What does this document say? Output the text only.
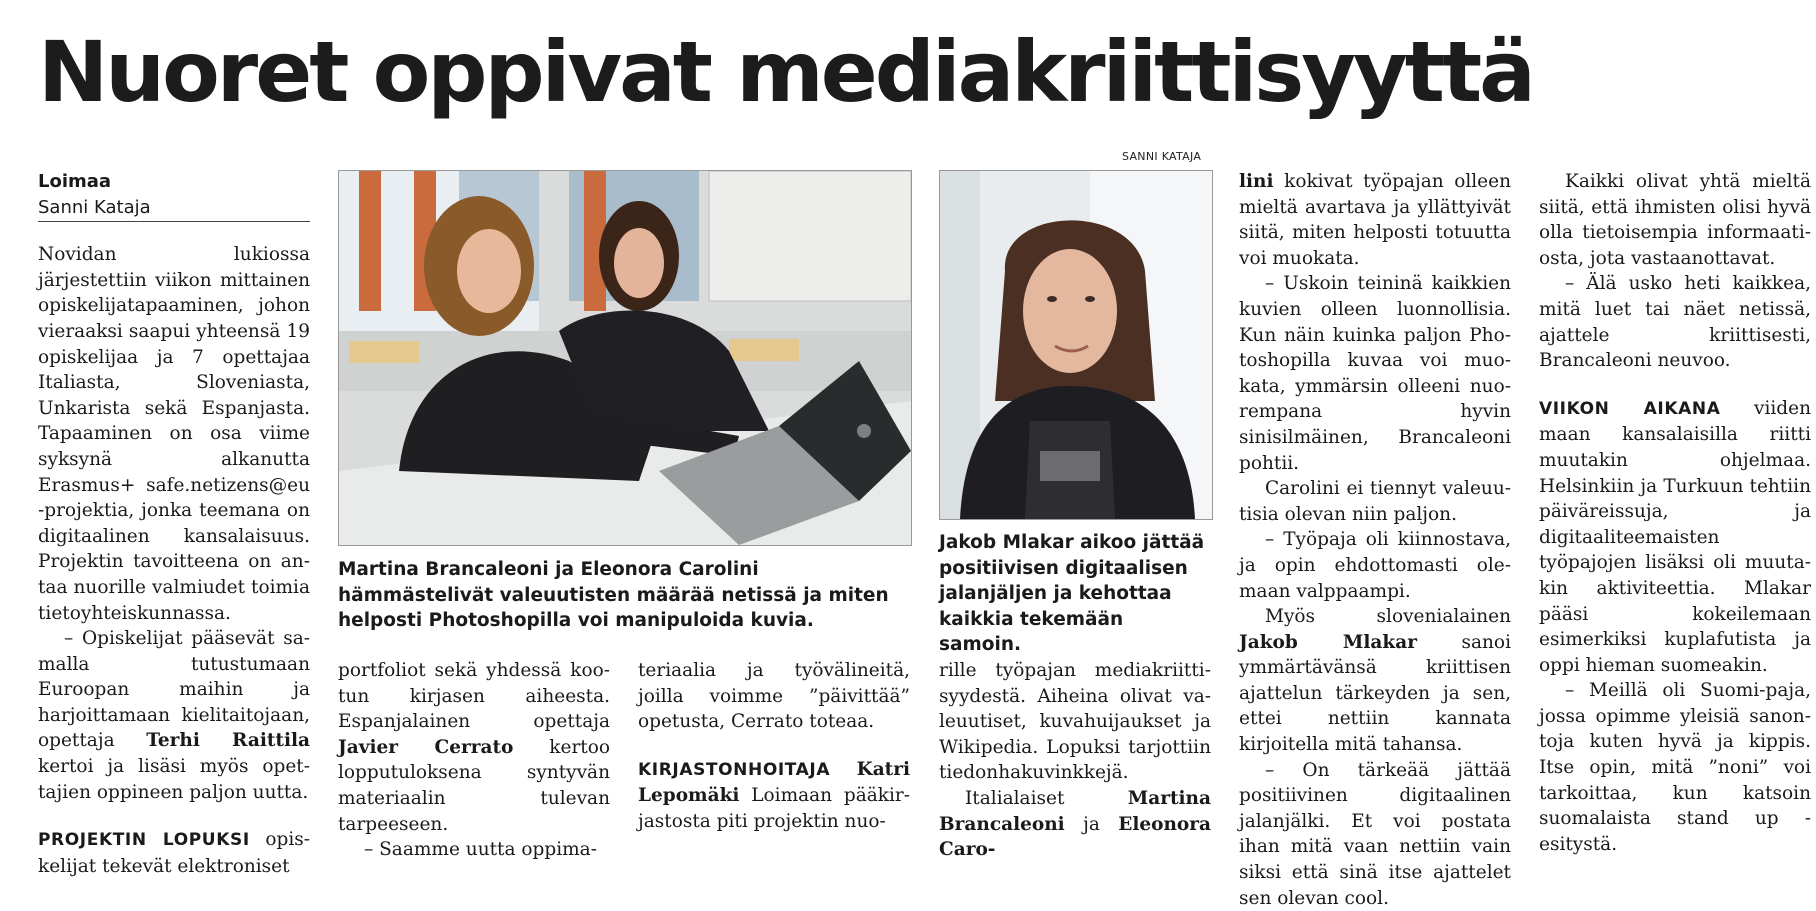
Nuoret oppivat mediakriittisyyttä
Loimaa
Sanni Kataja

Novidan lukiossa järjestettiin viikon mittainen opiskelijatapaaminen, johon vieraaksi saapui yhteensä 19 opiskelijaa ja 7 opettajaa Italiasta, Sloveniasta, Unkarista sekä Espanjasta. Tapaaminen on osa viime syksynä alkanutta Erasmus+ safe.netizens@eu -projektia, jonka teemana on digitaalinen kansalaisuus. Projektin tavoitteena on antaa nuorille valmiudet toimia tietoyhteiskunnassa.

– Opiskelijat pääsevät samalla tutustumaan Euroopan maihin ja harjoittamaan kielitaitojaan, opettaja Terhi Raittila kertoi ja lisäsi myös opettajien oppineen paljon uutta.

PROJEKTIN LOPUKSI opiskelijat tekevät elektroniset

Martina Brancaleoni ja Eleonora Carolini hämmästelivät valeuutisten määrää netissä ja miten helposti Photoshopilla voi manipuloida kuvia.
SANNI KATAJA
Jakob Mlakar aikoo jättää positiivisen digitaalisen jalanjäljen ja kehottaa kaikkia tekemään samoin.

portfoliot sekä yhdessä kootun kirjasen aiheesta. Espanjalainen opettaja Javier Cerrato kertoo lopputuloksena syntyvän materiaalin tulevan tarpeeseen.

– Saamme uutta oppima-

teriaalia ja työvälineitä, joilla voimme ”päivittää” opetusta, Cerrato toteaa.

KIRJASTONHOITAJA Katri Lepomäki Loimaan pääkirjastosta piti projektin nuo-

rille työpajan mediakriittisyydestä. Aiheina olivat valeuutiset, kuvahuijaukset ja Wikipedia. Lopuksi tarjottiin tiedonhakuvinkkejä.

Italialaiset Martina Brancaleoni ja Eleonora Caro-

lini kokivat työpajan olleen mieltä avartava ja yllättyivät siitä, miten helposti totuutta voi muokata.

– Uskoin teininä kaikkien kuvien olleen luonnollisia. Kun näin kuinka paljon Photoshopilla kuvaa voi muokata, ymmärsin olleeni nuorempana hyvin sinisilmäinen, Brancaleoni pohtii.

Carolini ei tiennyt valeuutisia olevan niin paljon.

– Työpaja oli kiinnostava, ja opin ehdottomasti olemaan valppaampi.

Myös slovenialainen Jakob Mlakar sanoi ymmärtävänsä kriittisen ajattelun tärkeyden ja sen, ettei nettiin kannata kirjoitella mitä tahansa.

– On tärkeää jättää positiivinen digitaalinen jalanjälki. Et voi postata ihan mitä vaan nettiin vain siksi että sinä itse ajattelet sen olevan cool.

Kaikki olivat yhtä mieltä siitä, että ihmisten olisi hyvä olla tietoisempia informaatiosta, jota vastaanottavat.

– Älä usko heti kaikkea, mitä luet tai näet netissä, ajattele kriittisesti, Brancaleoni neuvoo.

VIIKON AIKANA viiden maan kansalaisilla riitti muutakin ohjelmaa. Helsinkiin ja Turkuun tehtiin päiväreissuja, ja digitaaliteemaisten työpajojen lisäksi oli muutakin aktiviteettia. Mlakar pääsi kokeilemaan esimerkiksi kuplafutista ja oppi hieman suomeakin.

– Meillä oli Suomi-paja, jossa opimme yleisiä sanontoja kuten hyvä ja kippis. Itse opin, mitä ”noni” voi tarkoittaa, kun katsoin suomalaista stand up -esitystä.
